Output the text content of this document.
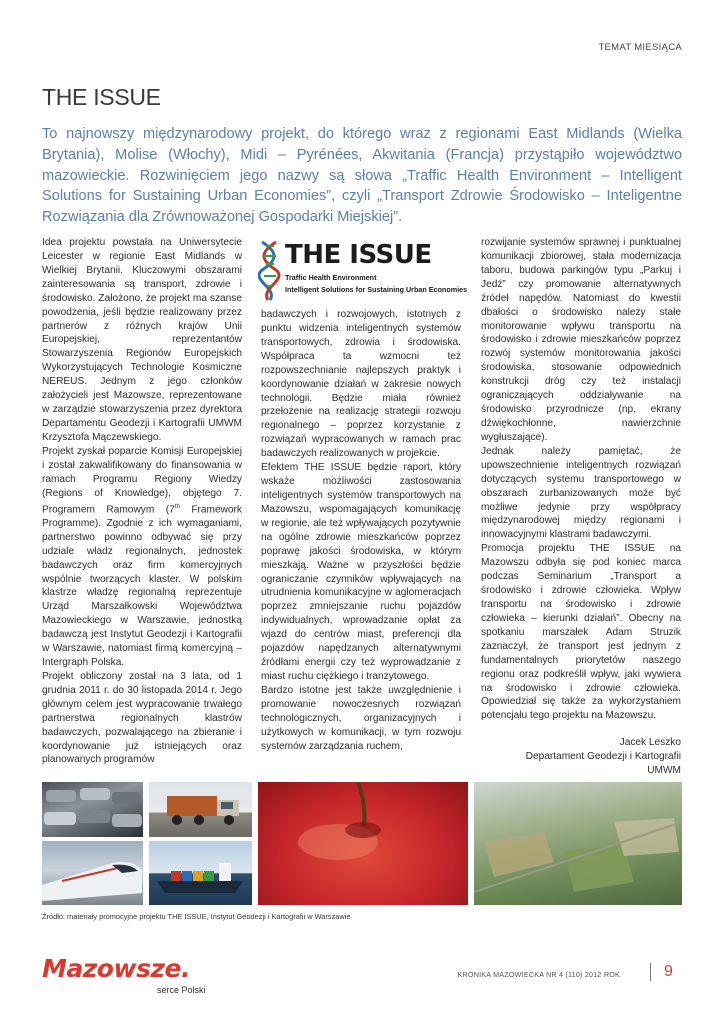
TEMAT MIESIĄCA
THE ISSUE

To najnowszy międzynarodowy projekt, do którego wraz z regionami East Midlands (Wielka Brytania), Molise (Włochy), Midi – Pyrénées, Akwitania (Francja) przystąpiło województwo mazowieckie. Rozwinięciem jego nazwy są słowa „Traffic Health Environment – Intelligent Solutions for Sustaining Urban Economies”, czyli „Transport Zdrowie Środowisko – Inteligentne Rozwiązania dla Zrównoważonej Gospodarki Miejskiej”.

Idea projektu powstała na Uniwersytecie Leicester w regionie East Midlands w Wielkiej Brytanii. Kluczowymi obszarami zainteresowania są transport, zdrowie i środowisko. Założono, że projekt ma szanse powodzenia, jeśli będzie realizowany przez partnerów z różnych krajów Unii Europejskiej, reprezentantów Stowarzyszenia Regionów Europejskich Wykorzystujących Technologie Kosmiczne NEREUS. Jednym z jego członków założycieli jest Mazowsze, reprezentowane w zarządzie stowarzyszenia przez dyrektora Departamentu Geodezji i Kartografii UMWM Krzysztofa Mączewskiego.

Projekt zyskał poparcie Komisji Europejskiej i został zakwalifikowany do finansowania w ramach Programu Regiony Wiedzy (Regions of Knowledge), objętego 7. Programem Ramowym (7th Framework Programme). Zgodnie z ich wymaganiami, partnerstwo powinno odbywać się przy udziale władz regionalnych, jednostek badawczych oraz firm komercyjnych wspólnie tworzących klaster. W polskim klastrze władzę regionalną reprezentuje Urząd Marszałkowski Województwa Mazowieckiego w Warszawie, jednostką badawczą jest Instytut Geodezji i Kartografii w Warszawie, natomiast firmą komercyjną – Intergraph Polska.

Projekt obliczony został na 3 lata, od 1 grudnia 2011 r. do 30 listopada 2014 r. Jego głównym celem jest wypracowanie trwałego partnerstwa regionalnych klastrów badawczych, pozwalającego na zbieranie i koordynowanie już istniejących oraz planowanych programów

THE ISSUE
Traffic Health Environment
Intelligent Solutions for Sustaining Urban Economies

badawczych i rozwojowych, istotnych z punktu widzenia inteligentnych systemów transportowych, zdrowia i środowiska. Współpraca ta wzmocni też rozpowszechnianie najlepszych praktyk i koordynowanie działań w zakresie nowych technologii. Będzie miała również przełożenie na realizację strategii rozwoju regionalnego – poprzez korzystanie z rozwiązań wypracowanych w ramach prac badawczych realizowanych w projekcie.

Efektem THE ISSUE będzie raport, który wskaże możliwości zastosowania inteligentnych systemów transportowych na Mazowszu, wspomagających komunikację w regionie, ale też wpływających pozytywnie na ogólne zdrowie mieszkańców poprzez poprawę jakości środowiska, w którym mieszkają. Ważne w przyszłości będzie ograniczanie czynników wpływających na utrudnienia komunikacyjne w aglomeracjach poprzez zmniejszanie ruchu pojazdów indywidualnych, wprowadzanie opłat za wjazd do centrów miast, preferencji dla pojazdów napędzanych alternatywnymi źródłami energii czy też wyprowadzanie z miast ruchu ciężkiego i tranzytowego.

Bardzo istotne jest także uwzględnienie i promowanie nowoczesnych rozwiązań technologicznych, organizacyjnych i użytkowych w komunikacji, w tym rozwoju systemów zarządzania ruchem,

rozwijanie systemów sprawnej i punktualnej komunikacji zbiorowej, stała modernizacja taboru, budowa parkingów typu „Parkuj i Jedź” czy promowanie alternatywnych źródeł napędów. Natomiast do kwestii dbałości o środowisko należy stałe monitorowanie wpływu transportu na środowisko i zdrowie mieszkańców poprzez rozwój systemów monitorowania jakości środowiska, stosowanie odpowiednich konstrukcji dróg czy też instalacji ograniczających oddziaływanie na środowisko przyrodnicze (np. ekrany dźwiękochłonne, nawierzchnie wygłuszające).

Jednak należy pamiętać, że upowszechnienie inteligentnych rozwiązań dotyczących systemu transportowego w obszarach zurbanizowanych może być możliwe jedynie przy współpracy międzynarodowej między regionami i innowacyjnymi klastrami badawczymi.

Promocja projektu THE ISSUE na Mazowszu odbyła się pod koniec marca podczas Seminarium „Transport a środowisko i zdrowie człowieka. Wpływ transportu na środowisko i zdrowie człowieka – kierunki działań”. Obecny na spotkaniu marszałek Adam Struzik zaznaczył, że transport jest jednym z fundamentalnych priorytetów naszego regionu oraz podkreślił wpływ, jaki wywiera na środowisko i zdrowie człowieka. Opowiedział się także za wykorzystaniem potencjału tego projektu na Mazowszu.

Jacek Leszko
Departament Geodezji i Kartografii
UMWM
Źródło: materiały promocyjne projektu THE ISSUE, Instytut Geodezji i Kartografii w Warszawie
Mazowsze.
serce Polski
KRONIKA MAZOWIECKA NR 4 (110) 2012 ROK	9
